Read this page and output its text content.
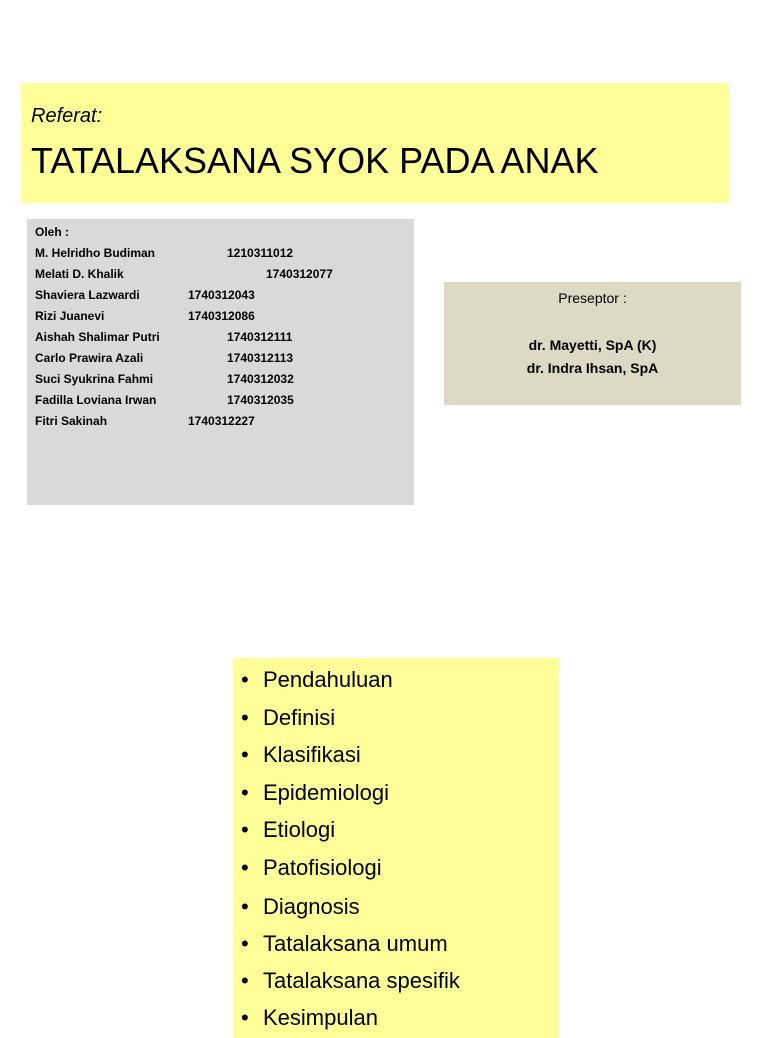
Referat:
TATALAKSANA SYOK PADA ANAK
Oleh :
M. Helridho Budiman	1210311012
Melati D. Khalik	1740312077
Shaviera Lazwardi	1740312043
Rizi Juanevi	1740312086
Aishah Shalimar Putri	1740312111
Carlo Prawira Azali	1740312113
Suci Syukrina Fahmi	1740312032
Fadilla Loviana Irwan	1740312035
Fitri Sakinah	1740312227
Preseptor :
dr. Mayetti, SpA (K)
dr. Indra Ihsan, SpA
• Pendahuluan
• Definisi
• Klasifikasi
• Epidemiologi
• Etiologi
• Patofisiologi
• Diagnosis
• Tatalaksana umum
• Tatalaksana spesifik
• Kesimpulan
